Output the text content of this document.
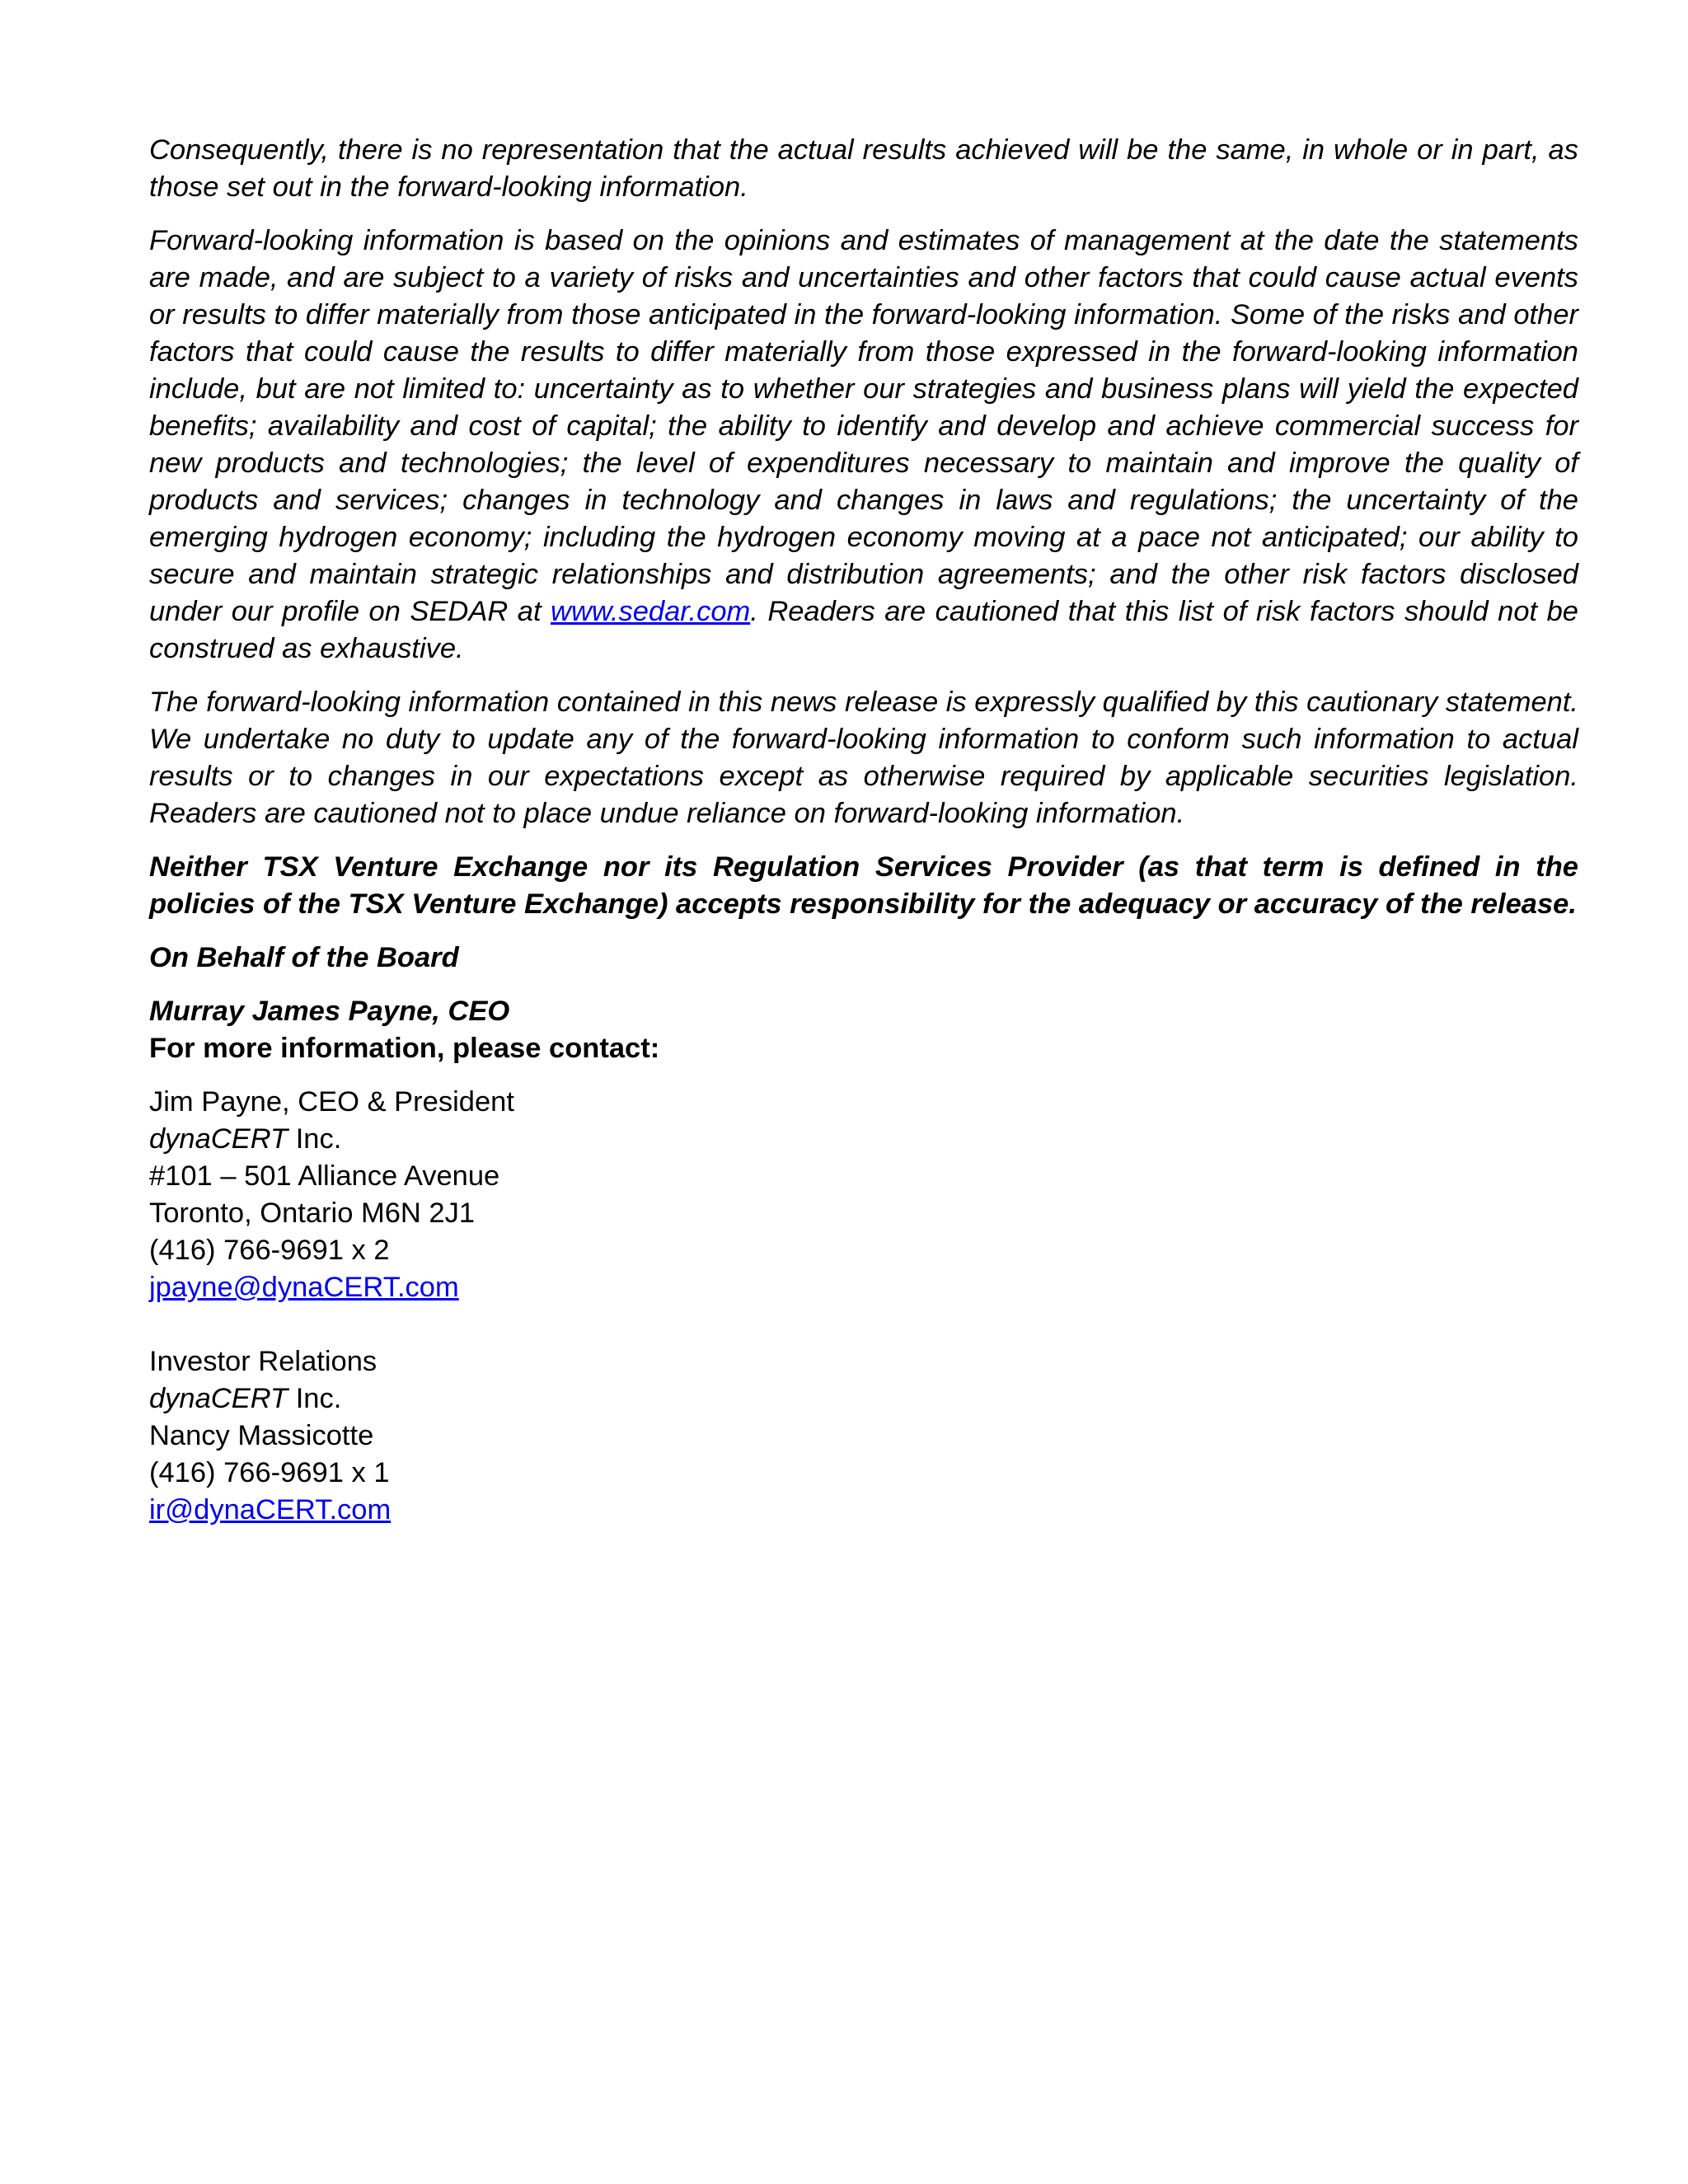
Consequently, there is no representation that the actual results achieved will be the same, in whole or in part, as those set out in the forward-looking information.

Forward-looking information is based on the opinions and estimates of management at the date the statements are made, and are subject to a variety of risks and uncertainties and other factors that could cause actual events or results to differ materially from those anticipated in the forward-looking information. Some of the risks and other factors that could cause the results to differ materially from those expressed in the forward-looking information include, but are not limited to: uncertainty as to whether our strategies and business plans will yield the expected benefits; availability and cost of capital; the ability to identify and develop and achieve commercial success for new products and technologies; the level of expenditures necessary to maintain and improve the quality of products and services; changes in technology and changes in laws and regulations; the uncertainty of the emerging hydrogen economy; including the hydrogen economy moving at a pace not anticipated; our ability to secure and maintain strategic relationships and distribution agreements; and the other risk factors disclosed under our profile on SEDAR at www.sedar.com. Readers are cautioned that this list of risk factors should not be construed as exhaustive.

The forward-looking information contained in this news release is expressly qualified by this cautionary statement. We undertake no duty to update any of the forward-looking information to conform such information to actual results or to changes in our expectations except as otherwise required by applicable securities legislation. Readers are cautioned not to place undue reliance on forward-looking information.

Neither TSX Venture Exchange nor its Regulation Services Provider (as that term is defined in the policies of the TSX Venture Exchange) accepts responsibility for the adequacy or accuracy of the release.

On Behalf of the Board

Murray James Payne, CEO
For more information, please contact:
Jim Payne, CEO & President
dynaCERT Inc.
#101 – 501 Alliance Avenue
Toronto, Ontario M6N 2J1
(416) 766-9691 x 2
jpayne@dynaCERT.com
Investor Relations
dynaCERT Inc.
Nancy Massicotte
(416) 766-9691 x 1
ir@dynaCERT.com
